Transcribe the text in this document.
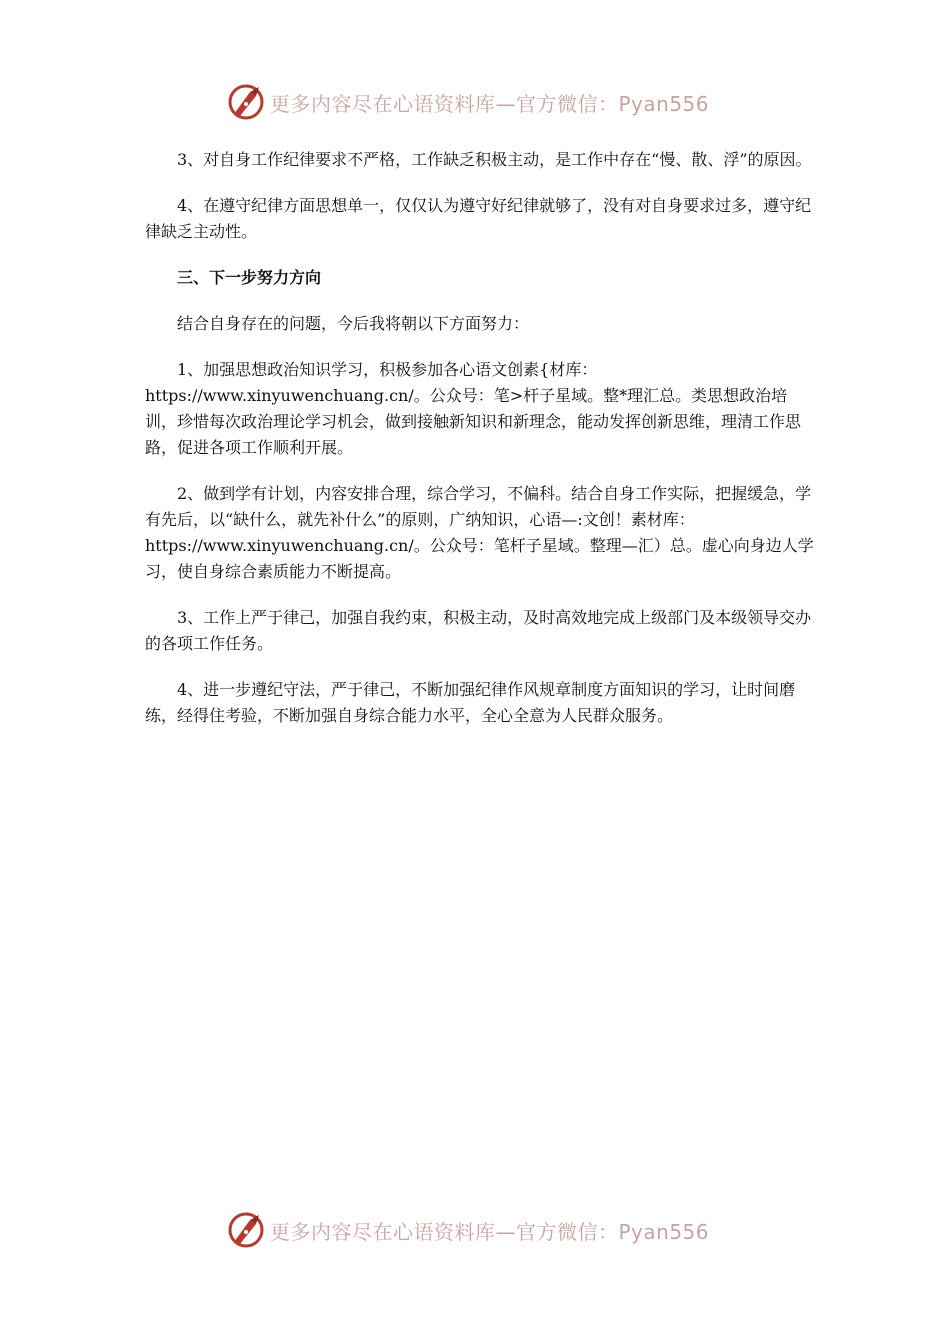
更多内容尽在心语资料库—官方微信：Pyan556

3、对自身工作纪律要求不严格，工作缺乏积极主动，是工作中存在“慢、散、浮”的原因。

4、在遵守纪律方面思想单一，仅仅认为遵守好纪律就够了，没有对自身要求过多，遵守纪律缺乏主动性。

三、下一步努力方向

结合自身存在的问题，今后我将朝以下方面努力：

1、加强思想政治知识学习，积极参加各心语文创素{材库：https://www.xinyuwenchuang.cn/。公众号：笔>杆子星域。整*理汇总。类思想政治培训，珍惜每次政治理论学习机会，做到接触新知识和新理念，能动发挥创新思维，理清工作思路，促进各项工作顺利开展。

2、做到学有计划，内容安排合理，综合学习，不偏科。结合自身工作实际，把握缓急，学有先后，以“缺什么，就先补什么”的原则，广纳知识，心语—:文创！素材库：https://www.xinyuwenchuang.cn/。公众号：笔杆子星域。整理—汇）总。虚心向身边人学习，使自身综合素质能力不断提高。

3、工作上严于律己，加强自我约束，积极主动，及时高效地完成上级部门及本级领导交办的各项工作任务。

4、进一步遵纪守法，严于律己，不断加强纪律作风规章制度方面知识的学习，让时间磨练，经得住考验，不断加强自身综合能力水平，全心全意为人民群众服务。

更多内容尽在心语资料库—官方微信：Pyan556
